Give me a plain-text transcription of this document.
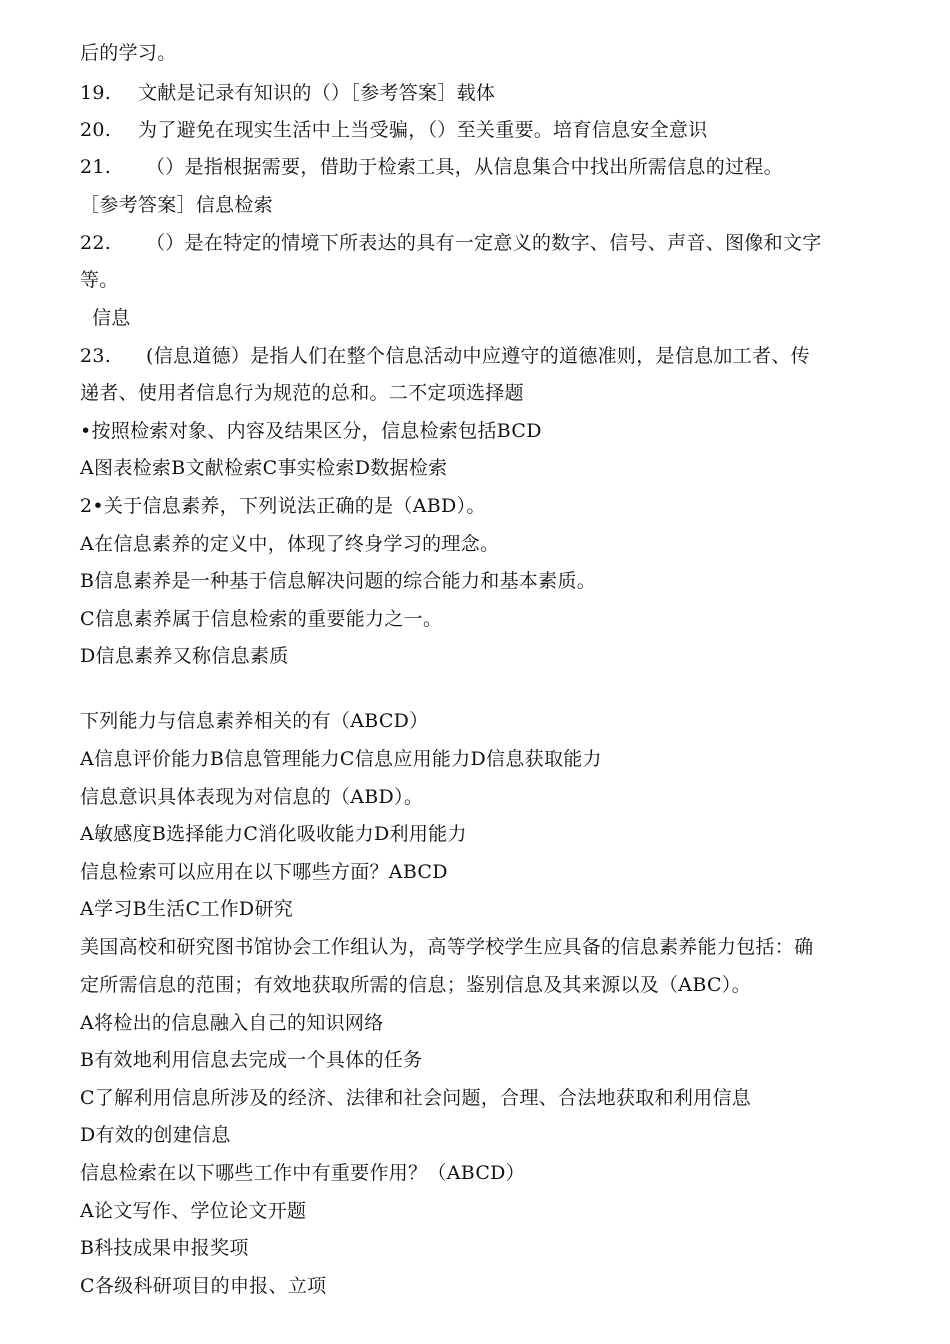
后的学习。
19. 文献是记录有知识的（）［参考答案］载体
20. 为了避免在现实生活中上当受骗，（）至关重要。培育信息安全意识
21. （）是指根据需要，借助于检索工具，从信息集合中找出所需信息的过程。
［参考答案］信息检索
22. （）是在特定的情境下所表达的具有一定意义的数字、信号、声音、图像和文字
等。
信息
23. (信息道德）是指人们在整个信息活动中应遵守的道德准则，是信息加工者、传
递者、使用者信息行为规范的总和。二不定项选择题
•按照检索对象、内容及结果区分，信息检索包括BCD
A图表检索B文献检索C事实检索D数据检索
2•关于信息素养，下列说法正确的是（ABD）。
A在信息素养的定义中，体现了终身学习的理念。
B信息素养是一种基于信息解决问题的综合能力和基本素质。
C信息素养属于信息检索的重要能力之一。
D信息素养又称信息素质
下列能力与信息素养相关的有（ABCD）
A信息评价能力B信息管理能力C信息应用能力D信息获取能力
信息意识具体表现为对信息的（ABD）。
A敏感度B选择能力C消化吸收能力D利用能力
信息检索可以应用在以下哪些方面？ABCD
A学习B生活C工作D研究
美国高校和研究图书馆协会工作组认为，高等学校学生应具备的信息素养能力包括：确
定所需信息的范围；有效地获取所需的信息；鉴别信息及其来源以及（ABC）。
A将检出的信息融入自己的知识网络
B有效地利用信息去完成一个具体的任务
C了解利用信息所涉及的经济、法律和社会问题，合理、合法地获取和利用信息
D有效的创建信息
信息检索在以下哪些工作中有重要作用？（ABCD）
A论文写作、学位论文开题
B科技成果申报奖项
C各级科研项目的申报、立项
